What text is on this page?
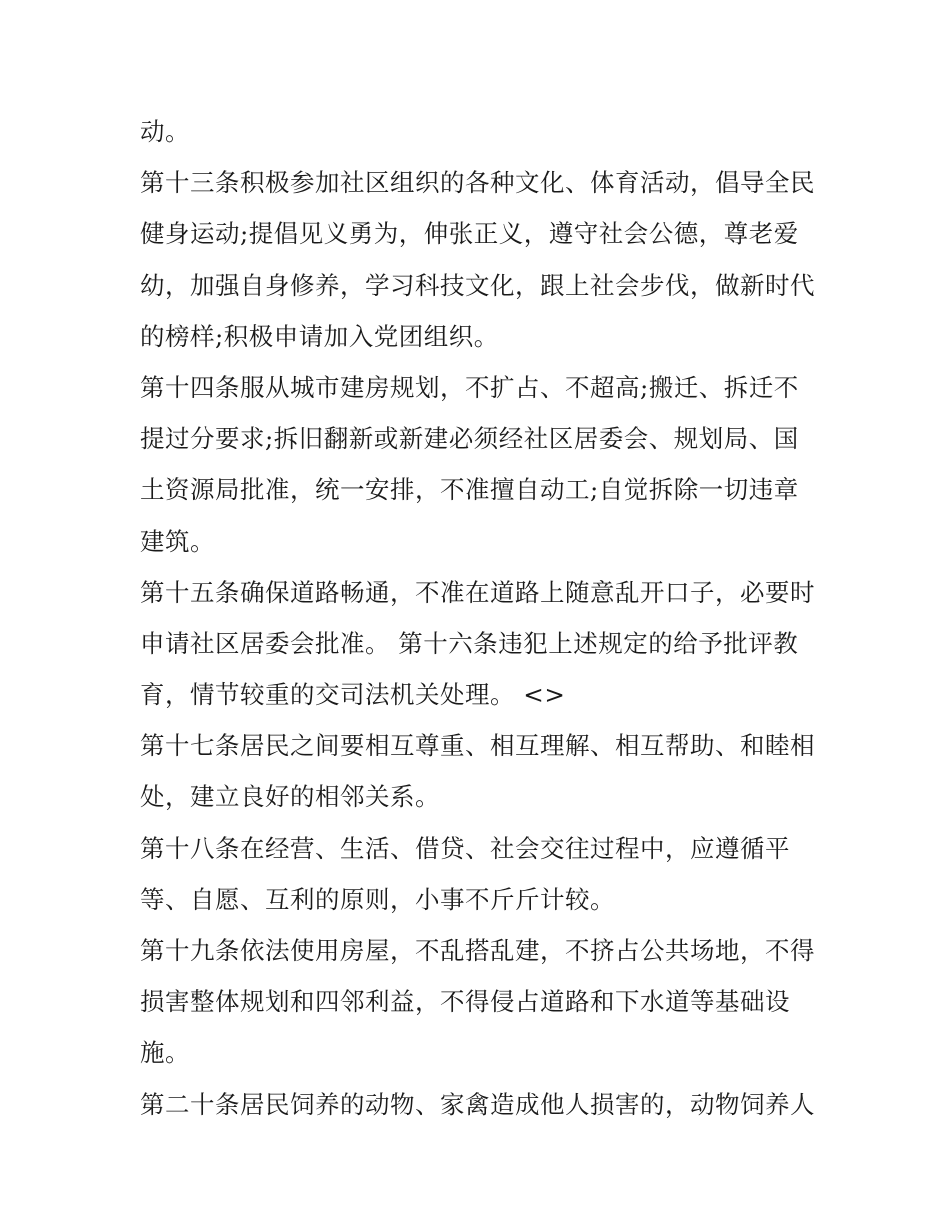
动。

第十三条积极参加社区组织的各种文化、体育活动，倡导全民
健身运动;提倡见义勇为，伸张正义，遵守社会公德，尊老爱
幼，加强自身修养，学习科技文化，跟上社会步伐，做新时代
的榜样;积极申请加入党团组织。

第十四条服从城市建房规划，不扩占、不超高;搬迁、拆迁不
提过分要求;拆旧翻新或新建必须经社区居委会、规划局、国
土资源局批准，统一安排，不准擅自动工;自觉拆除一切违章
建筑。

第十五条确保道路畅通，不准在道路上随意乱开口子，必要时
申请社区居委会批准。 第十六条违犯上述规定的给予批评教
育，情节较重的交司法机关处理。 <>

第十七条居民之间要相互尊重、相互理解、相互帮助、和睦相
处，建立良好的相邻关系。

第十八条在经营、生活、借贷、社会交往过程中，应遵循平
等、自愿、互利的原则，小事不斤斤计较。

第十九条依法使用房屋，不乱搭乱建，不挤占公共场地，不得
损害整体规划和四邻利益，不得侵占道路和下水道等基础设
施。

第二十条居民饲养的动物、家禽造成他人损害的，动物饲养人
